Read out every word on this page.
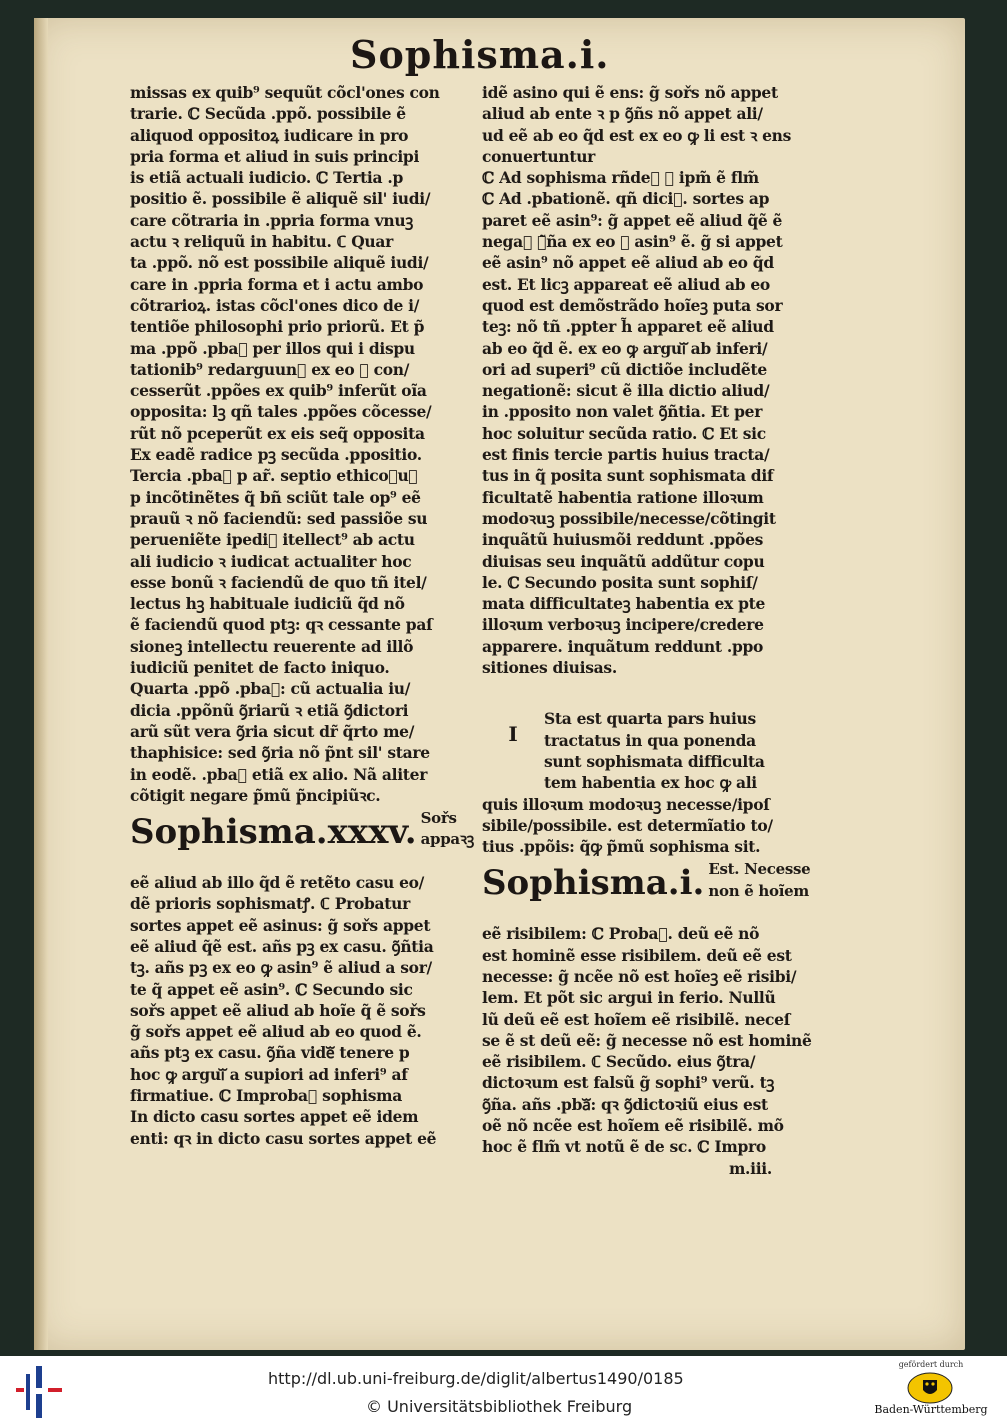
Sophisma.i.
missas ex quib⁹ sequũt cõcl'ones con
trarie. ℂ Secũda .ppõ. possibile ẽ
aliquod oppositoꝝ iudicare in pro
pria forma et aliud in suis principi
is etiã actuali iudicio. ℂ Tertia .p
positio ẽ. possibile ẽ aliquẽ sil' iudi/
care cõtraria in .ppria forma vnuꝫ
actu ꝛ reliquũ in habitu. ℂ Quar
ta .ppõ. nõ est possibile aliquẽ iudi/
care in .ppria forma et i actu ambo
cõtrarioꝝ. istas cõcl'ones dico de i/
tentiõe philosophi prio priorũ. Et p̃
ma .ppõ .pbaᷓ per illos qui i dispu
tationib⁹ redarguunᷓ ex eo ꝙ con/
cesserũt .ppões ex quib⁹ inferũt oĩa
opposita: lꝫ qñ tales .ppões cõcesse/
rũt nõ pceperũt ex eis seq̃ opposita
Ex eadẽ radice pꝫ secũda .ppositio.
Tercia .pbaᷓ p ar̃. septio ethicoꝛuꝫ
p incõtinẽtes q̃ bñ sciũt tale op⁹ eẽ
prauũ ꝛ nõ faciendũ: sed passiõe su
perueniẽte ipediᷓ itellect⁹ ab actu
ali iudicio ꝛ iudicat actualiter hoc
esse bonũ ꝛ faciendũ de quo tñ itel/
lectus hꝫ habituale iudiciũ q̃d nõ
ẽ faciendũ quod ptꝫ: qꝛ cessante paſ
sioneꝫ intellectu reuerente ad illõ
iudiciũ penitet de facto iniquo.
Quarta .ppõ .pbaᷓ: cũ actualia iu/
dicia .ppõnũ ꝯ̃riarũ ꝛ etiã ꝯ̃dictori
arũ sũt vera ꝯ̃ria sicut dr̃ q̃rto me/
thaphisice: sed ꝯ̃ria nõ p̃nt sil' stare
in eodẽ. .pbaᷓ etiã ex alio. Nã aliter
cõtigit negare p̃mũ p̃ncipiũꝛc.
Sophisma.xxxv. Sořs
appaꝛꝫ
eẽ aliud ab illo q̃d ẽ retẽto casu eo/
dẽ prioris sophismatꝭ. ℂ Probatur
sortes appet eẽ asinus: g̃ sořs appet
eẽ aliud q̃ẽ est. añs pꝫ ex casu. ꝯ̃ñtia
tꝫ. añs pꝫ ex eo ꝙ asin⁹ ẽ aliud a sor/
te q̃ appet eẽ asin⁹. ℂ Secundo sic
sořs appet eẽ aliud ab hoĩe q̃ ẽ sořs
g̃ sořs appet eẽ aliud ab eo quod ẽ.
añs ptꝫ ex casu. ꝯ̃ña videᷓ tenere p
hoc ꝙ arguiᷓ a supiori ad inferi⁹ af
firmatiue. ℂ Improbaᷓ sophisma
In dicto casu sortes appet eẽ idem
enti: qꝛ in dicto casu sortes appet eẽ
idẽ asino qui ẽ ens: g̃ sořs nõ appet
aliud ab ente ꝛ p ꝯ̃ñs nõ appet ali/
ud eẽ ab eo q̃d est ex eo ꝙ li est ꝛ ens
conuertuntur
ℂ Ad sophisma rñdeᷓ ꝙ ipm̃ ẽ flm̃
ℂ Ad .pbationẽ. qñ diciᷓ. sortes ap
paret eẽ asin⁹: g̃ appet eẽ aliud q̃ẽ ẽ
negaᷓ ꝯ̃ña ex eo ꝙ asin⁹ ẽ. g̃ si appet
eẽ asin⁹ nõ appet eẽ aliud ab eo q̃d
est. Et licꝫ appareat eẽ aliud ab eo
quod est demõstrãdo hoĩeꝫ puta sor
teꝫ: nõ tñ .ppter h̃ apparet eẽ aliud
ab eo q̃d ẽ. ex eo ꝙ arguiᷓ ab inferi/
ori ad superi⁹ cũ dictiõe includẽte
negationẽ: sicut ẽ illa dictio aliud/
in .pposito non valet ꝯ̃ñtia. Et per
hoc soluitur secũda ratio. ℂ Et sic
est finis tercie partis huius tracta/
tus in q̃ posita sunt sophismata dif
ficultatẽ habentia ratione illoꝛum
modoꝛuꝫ possibile/necesse/cõtingit
inquãtũ huiusmõi reddunt .ppões
diuisas seu inquãtũ addũtur copu
le. ℂ Secundo posita sunt sophiſ/
mata difficultateꝫ habentia ex pte
illoꝛum verboꝛuꝫ incipere/credere
apparere. inquãtum reddunt .ppo
sitiones diuisas.
I
Sta est quarta pars huius
tractatus in qua ponenda
sunt sophismata difficulta
tem habentia ex hoc ꝙ ali
quis illoꝛum modoꝛuꝫ necesse/ipoſ
sibile/possibile. est determĩatio to/
tius .ppõis: q̃ꝙ p̃mũ sophisma sit.
Sophisma.i. Est. Necesse
non ẽ hoĩem
eẽ risibilem: ℂ Probaᷓ. deũ eẽ nõ
est hominẽ esse risibilem. deũ eẽ est
necesse: g̃ ncẽe nõ est hoĩeꝫ eẽ risibi/
lem. Et põt sic argui in ferio. Nullũ
lũ deũ eẽ est hoĩem eẽ risibilẽ. neceſ
se ẽ st deũ eẽ: g̃ necesse nõ est hominẽ
eẽ risibilem. ℂ Secũdo. eius ꝯ̃tra/
dictoꝛum est falsũ g̃ sophi⁹ verũ. tꝫ
ꝯ̃ña. añs .pbaᷓ: qꝛ ꝯ̃dictoꝛiũ eius est
oẽ nõ ncẽe est hoĩem eẽ risibilẽ. mõ
hoc ẽ flm̃ vt notũ ẽ de sc. ℂ Impro
m.iii.
http://dl.ub.uni-freiburg.de/diglit/albertus1490/0185
© Universitätsbibliothek Freiburg
gefördert durch
Baden-Württemberg
